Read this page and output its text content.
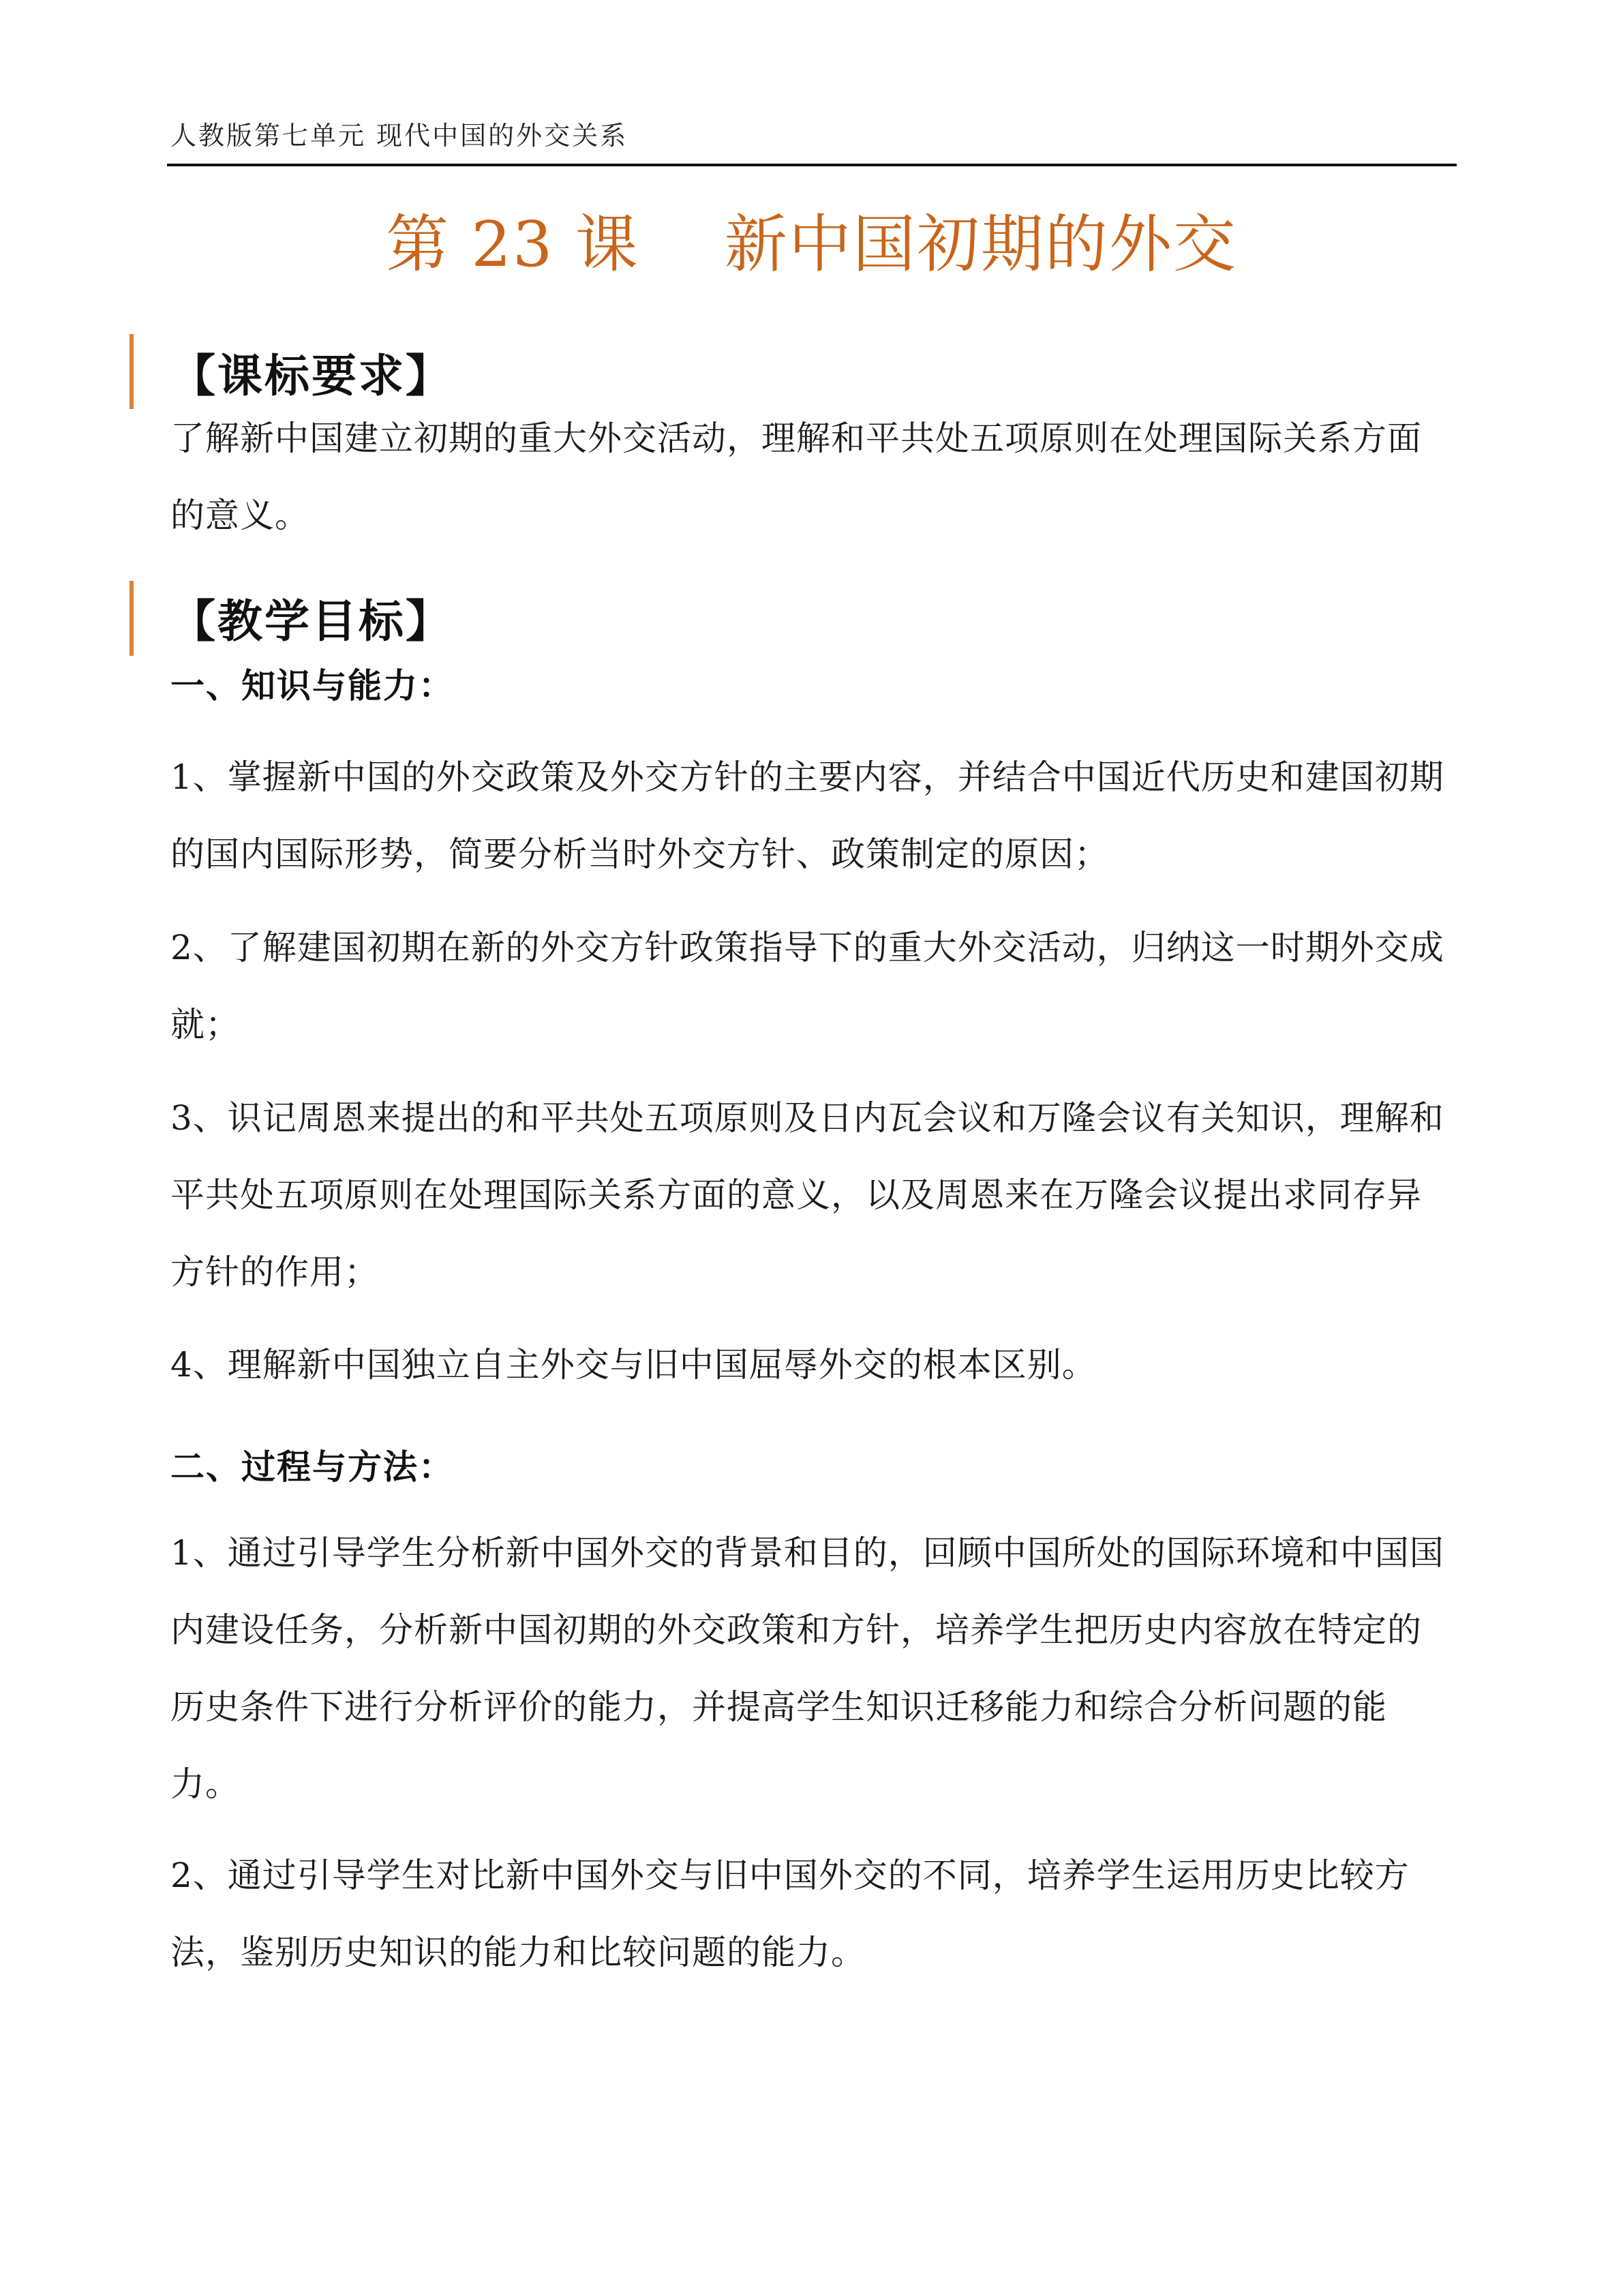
人教版第七单元 现代中国的外交关系
第 23 课　 新中国初期的外交
【课标要求】
了解新中国建立初期的重大外交活动，理解和平共处五项原则在处理国际关系方面的意义。
【教学目标】
一、知识与能力：
1、掌握新中国的外交政策及外交方针的主要内容，并结合中国近代历史和建国初期的国内国际形势，简要分析当时外交方针、政策制定的原因；
2、了解建国初期在新的外交方针政策指导下的重大外交活动，归纳这一时期外交成就；
3、识记周恩来提出的和平共处五项原则及日内瓦会议和万隆会议有关知识，理解和平共处五项原则在处理国际关系方面的意义，以及周恩来在万隆会议提出求同存异方针的作用；
4、理解新中国独立自主外交与旧中国屈辱外交的根本区别。
二、过程与方法：
1、通过引导学生分析新中国外交的背景和目的，回顾中国所处的国际环境和中国国内建设任务，分析新中国初期的外交政策和方针，培养学生把历史内容放在特定的历史条件下进行分析评价的能力，并提高学生知识迁移能力和综合分析问题的能力。
2、通过引导学生对比新中国外交与旧中国外交的不同，培养学生运用历史比较方法，鉴别历史知识的能力和比较问题的能力。
